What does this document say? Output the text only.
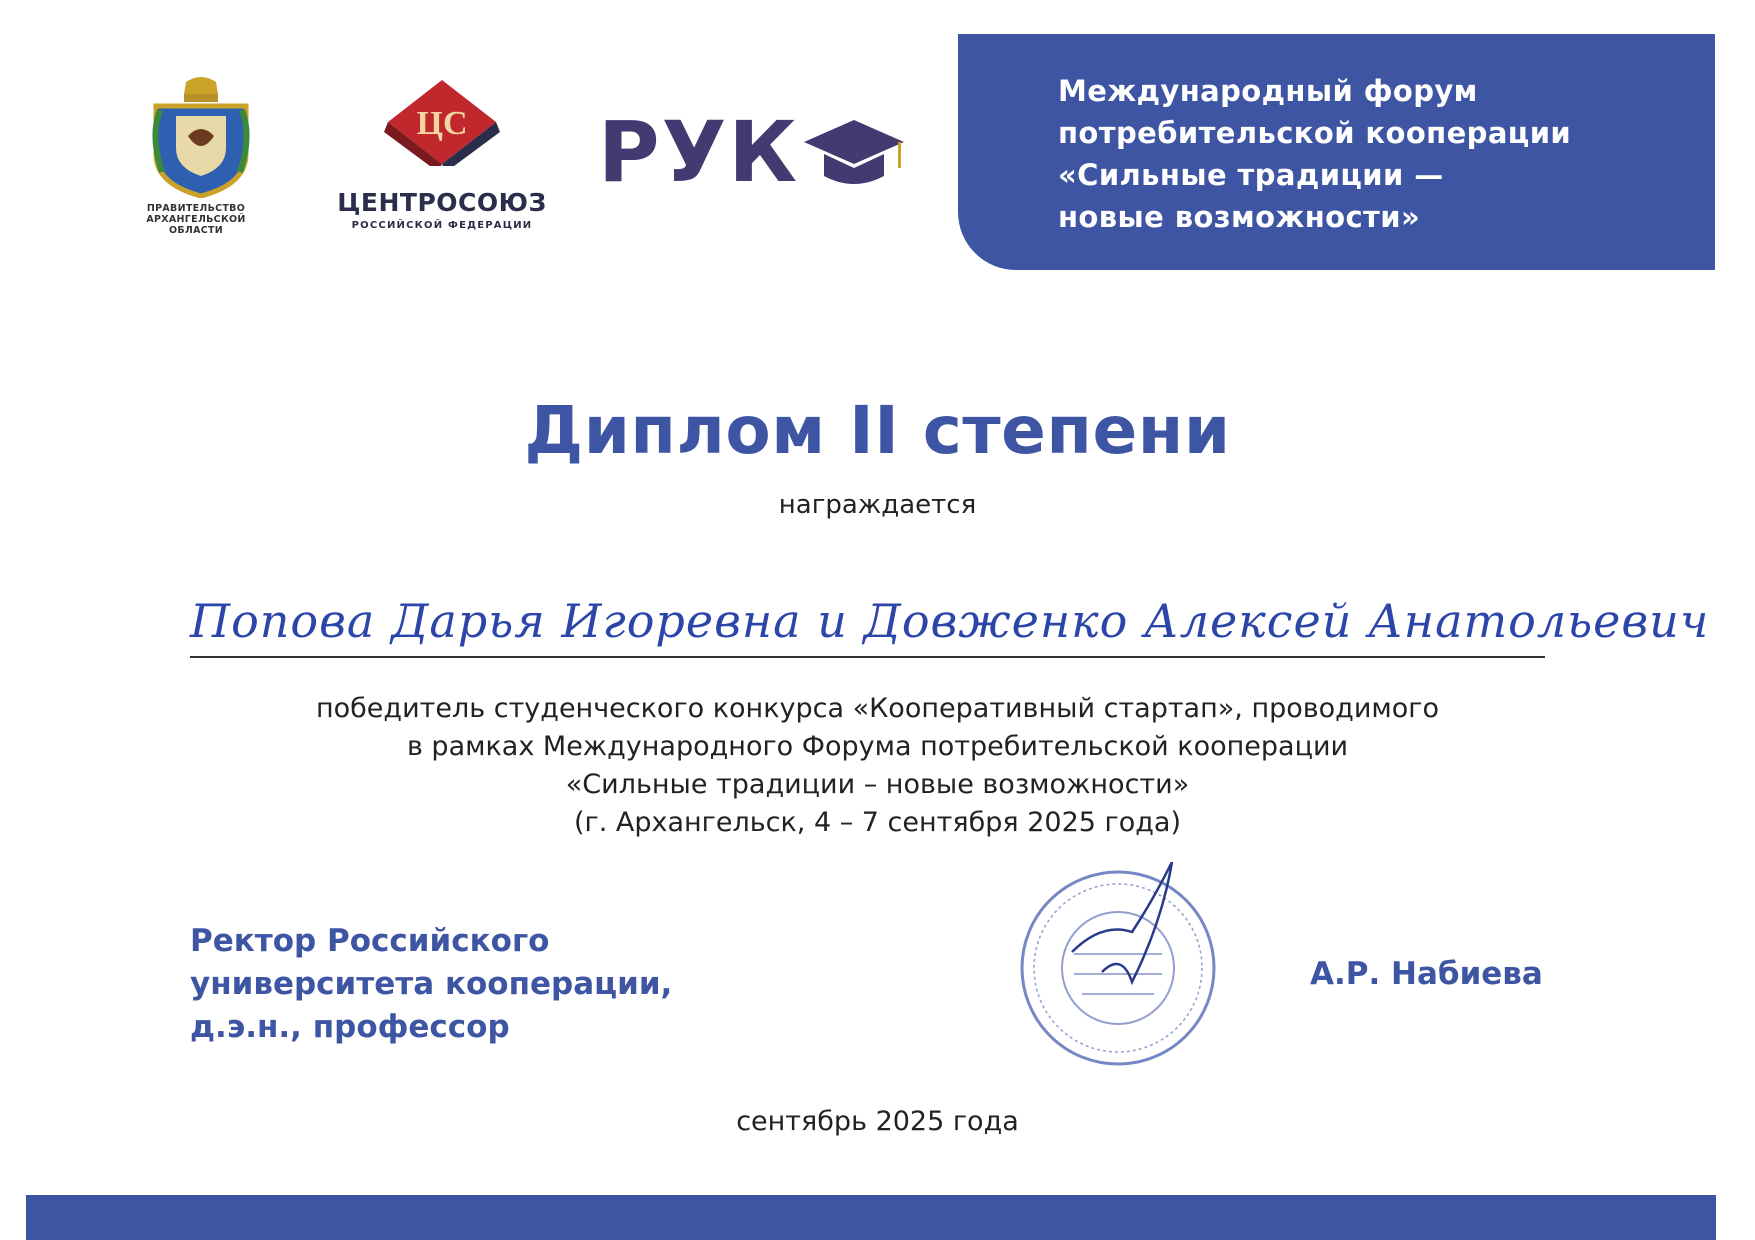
Международный форум
потребительской кооперации
«Сильные традиции —
новые возможности»
ПРАВИТЕЛЬСТВО
АРХАНГЕЛЬСКОЙ
ОБЛАСТИ
ЦС
ЦЕНТРОСОЮЗ
РОССИЙСКОЙ ФЕДЕРАЦИИ
РУК
Диплом II степени
награждается
Попова Дарья Игоревна и Довженко Алексей Анатольевич
победитель студенческого конкурса «Кооперативный стартап», проводимого
в рамках Международного Форума потребительской кооперации
«Сильные традиции – новые возможности»
(г. Архангельск, 4 – 7 сентября 2025 года)
Ректор Российского
университета кооперации,
д.э.н., профессор
А.Р. Набиева
сентябрь 2025 года
